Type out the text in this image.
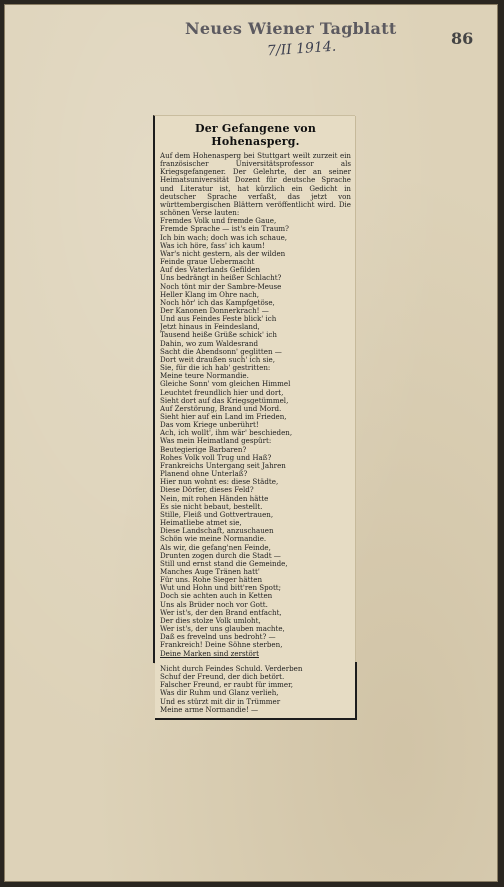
Neues Wiener Tagblatt
7/II 1914.
86
Der Gefangene von Hohenasperg.
Auf dem Hohenasperg bei Stuttgart weilt zurzeit ein französischer Universitätsprofessor als Kriegsgefangener. Der Gelehrte, der an seiner Heimatsuniversität Dozent für deutsche Sprache und Literatur ist, hat kürzlich ein Gedicht in deutscher Sprache verfaßt, das jetzt von württembergischen Blättern veröffentlicht wird. Die schönen Verse lauten:
Fremdes Volk und fremde Gaue,
Fremde Sprache — ist's ein Traum?
Ich bin wach; doch was ich schaue,
Was ich höre, fass' ich kaum!
War's nicht gestern, als der wilden
Feinde graue Uebermacht
Auf des Vaterlands Gefilden
Uns bedrängt in heißer Schlacht?
Noch tönt mir der Sambre-Meuse
Heller Klang im Ohre nach,
Noch hör' ich das Kampfgetöse,
Der Kanonen Donnerkrach! —
Und aus Feindes Feste blick' ich
Jetzt hinaus in Feindesland,
Tausend heiße Grüße schick' ich
Dahin, wo zum Waldesrand
Sacht die Abendsonn' geglitten —
Dort weit draußen such' ich sie,
Sie, für die ich hab' gestritten:
Meine teure Normandie.
Gleiche Sonn' vom gleichen Himmel
Leuchtet freundlich hier und dort,
Sieht dort auf das Kriegsgetümmel,
Auf Zerstörung, Brand und Mord.
Sieht hier auf ein Land im Frieden,
Das vom Kriege unberührt!
Ach, ich wollt', ihm wär' beschieden,
Was mein Heimatland gespürt:
Beutegierige Barbaren?
Rohes Volk voll Trug und Haß?
Frankreichs Untergang seit Jahren
Planend ohne Unterlaß?
Hier nun wohnt es: diese Städte,
Diese Dörfer, dieses Feld?
Nein, mit rohen Händen hätte
Es sie nicht bebaut, bestellt.
Stille, Fleiß und Gottvertrauen,
Heimatliebe atmet sie,
Diese Landschaft, anzuschauen
Schön wie meine Normandie.
Als wir, die gefang'nen Feinde,
Drunten zogen durch die Stadt —
Still und ernst stand die Gemeinde,
Manches Auge Tränen hatt'
Für uns. Rohe Sieger hätten
Wut und Hohn und bitt'ren Spott;
Doch sie achten auch in Ketten
Uns als Brüder noch vor Gott.
Wer ist's, der den Brand entfacht,
Der dies stolze Volk umloht,
Wer ist's, der uns glauben machte,
Daß es frevelnd uns bedroht? —
Frankreich! Deine Söhne sterben,
Deine Marken sind zerstört
Nicht durch Feindes Schuld. Verderben
Schuf der Freund, der dich betört.
Falscher Freund, er raubt für immer,
Was dir Ruhm und Glanz verlieh,
Und es stürzt mit dir in Trümmer
Meine arme Normandie! —
